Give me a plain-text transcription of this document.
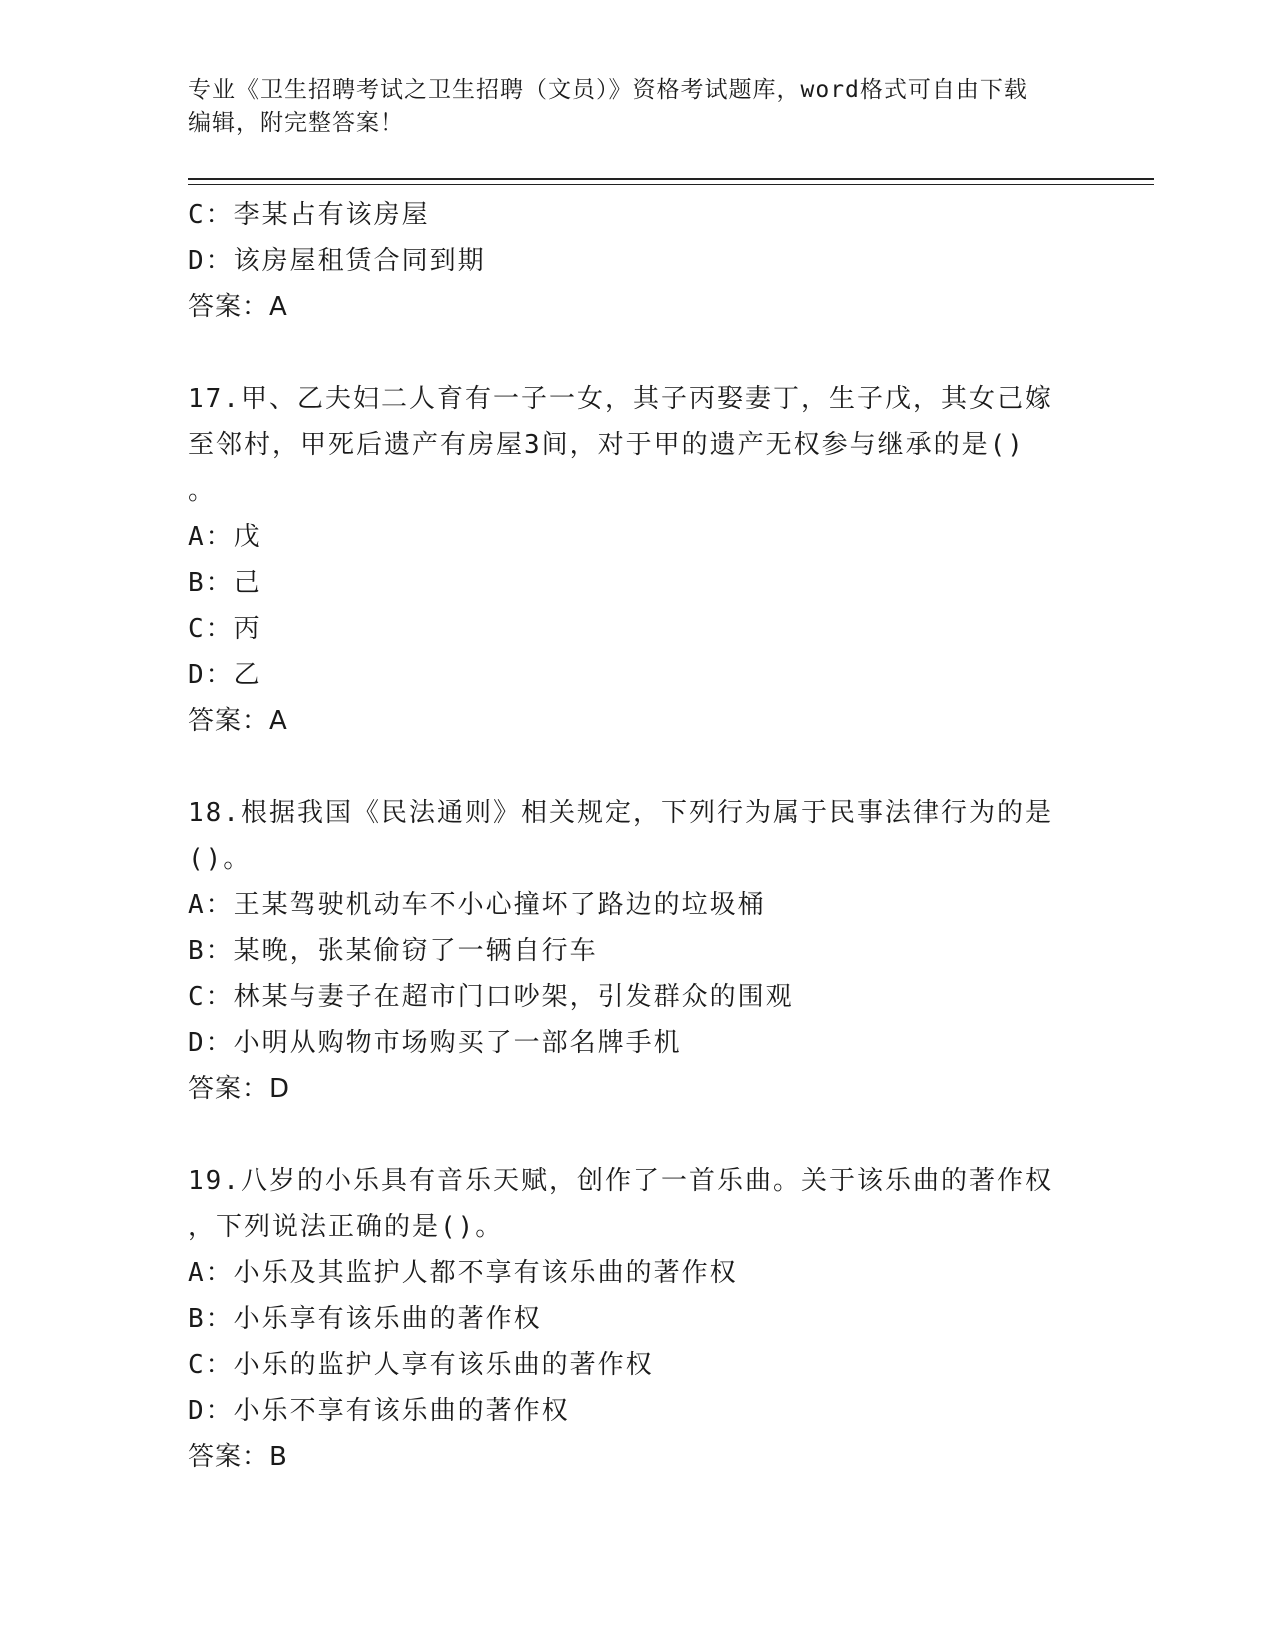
专业《卫生招聘考试之卫生招聘（文员）》资格考试题库，word格式可自由下载
编辑，附完整答案！
C：李某占有该房屋
D：该房屋租赁合同到期
答案：A
17.甲、乙夫妇二人育有一子一女，其子丙娶妻丁，生子戊，其女己嫁
至邻村，甲死后遗产有房屋3间，对于甲的遗产无权参与继承的是()
。
A：戊
B：己
C：丙
D：乙
答案：A
18.根据我国《民法通则》相关规定，下列行为属于民事法律行为的是
()。
A：王某驾驶机动车不小心撞坏了路边的垃圾桶
B：某晚，张某偷窃了一辆自行车
C：林某与妻子在超市门口吵架，引发群众的围观
D：小明从购物市场购买了一部名牌手机
答案：D
19.八岁的小乐具有音乐天赋，创作了一首乐曲。关于该乐曲的著作权
，下列说法正确的是()。
A：小乐及其监护人都不享有该乐曲的著作权
B：小乐享有该乐曲的著作权
C：小乐的监护人享有该乐曲的著作权
D：小乐不享有该乐曲的著作权
答案：B
